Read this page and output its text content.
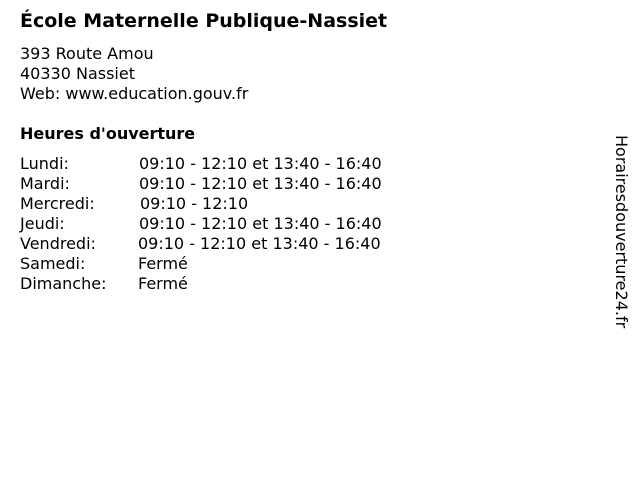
École Maternelle Publique-Nassiet
393 Route Amou
40330 Nassiet
Web: www.education.gouv.fr
Heures d'ouverture
Lundi:	09:10 - 12:10 et 13:40 - 16:40
Mardi:	09:10 - 12:10 et 13:40 - 16:40
Mercredi:	09:10 - 12:10
Jeudi:	09:10 - 12:10 et 13:40 - 16:40
Vendredi:	09:10 - 12:10 et 13:40 - 16:40
Samedi:	Fermé
Dimanche: Fermé	Horairesdouverture24.fr
